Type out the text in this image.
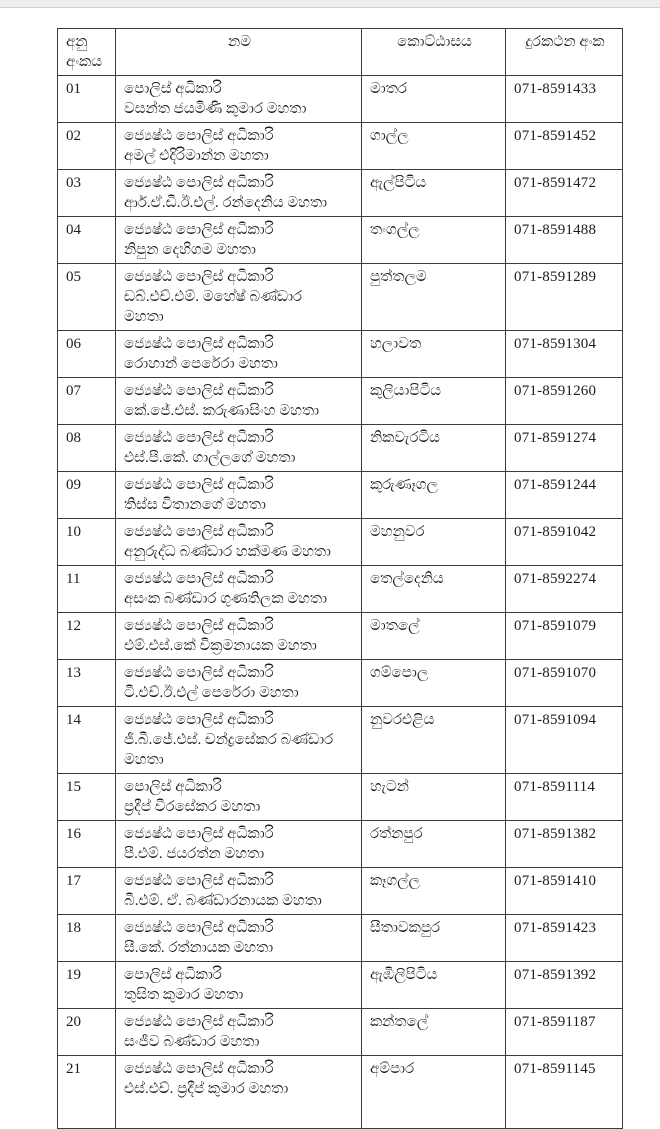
අනු
අංකය	නම	කොට්ඨාසය	දුරකථන අංක
01	පොලිස් අධිකාරි
වසන්ත ජයමිණි කුමාර මහතා	මාතර	071-8591433
02	ජ්‍යෙෂ්ඨ පොලිස් අධිකාරි
අමල් එදිරිමාන්න මහතා	ගාල්ල	071-8591452
03	ජ්‍යෙෂ්ඨ පොලිස් අධිකාරි
ආර්.ඒ.ඩී.ඊ.එල්. රන්දෙනිය මහතා	ඇල්පිටිය	071-8591472
04	ජ්‍යෙෂ්ඨ පොලිස් අධිකාරි
නිපුන දෙහිගම මහතා	තංගල්ල	071-8591488
05	ජ්‍යෙෂ්ඨ පොලිස් අධිකාරි
ඩබ්.එච්.එම්. මහේෂ් බණ්ඩාර
මහතා	පුත්තලම	071-8591289
06	ජ්‍යෙෂ්ඨ පොලිස් අධිකාරි
රොහාන් පෙරේරා මහතා	හලාවත	071-8591304
07	ජ්‍යෙෂ්ඨ පොලිස් අධිකාරි
කේ.ජේ.එස්. කරුණාසිංහ මහතා	කුලියාපිටිය	071-8591260
08	ජ්‍යෙෂ්ඨ පොලිස් අධිකාරි
එස්.පී.කේ. ගාල්ලගේ මහතා	නිකවැරටිය	071-8591274
09	ජ්‍යෙෂ්ඨ පොලිස් අධිකාරි
තිස්ස විතානගේ මහතා	කුරුණෑගල	071-8591244
10	ජ්‍යෙෂ්ඨ පොලිස් අධිකාරි
අනුරුද්ධ බණ්ඩාර හක්මණ මහතා	මහනුවර	071-8591042
11	ජ්‍යෙෂ්ඨ පොලිස් අධිකාරි
අසංක බණ්ඩාර ගුණතිලක මහතා	තෙල්දෙනිය	071-8592274
12	ජ්‍යෙෂ්ඨ පොලිස් අධිකාරි
එම්.එස්.කේ වික්‍රමනායක මහතා	මාතලේ	071-8591079
13	ජ්‍යෙෂ්ඨ පොලිස් අධිකාරි
ටී.එච්.ඊ.එල් පෙරේරා මහතා	ගම්පොල	071-8591070
14	ජ්‍යෙෂ්ඨ පොලිස් අධිකාරි
ජී.බී.ජේ.එස්. චන්ද්‍රසේකර බණ්ඩාර
මහතා	නුවරඑළිය	071-8591094
15	පොලිස් අධිකාරි
ප්‍රදීප් වීරසේකර මහතා	හැටන්	071-8591114
16	ජ්‍යෙෂ්ඨ පොලිස් අධිකාරි
පී.එම්. ජයරත්න මහතා	රත්නපුර	071-8591382
17	ජ්‍යෙෂ්ඨ පොලිස් අධිකාරි
බී.එම්. ඒ. බණ්ඩාරනායක මහතා	කෑගල්ල	071-8591410
18	ජ්‍යෙෂ්ඨ පොලිස් අධිකාරි
සී.කේ. රත්නායක මහතා	සීතාවකපුර	071-8591423
19	පොලිස් අධිකාරි
තුසිත කුමාර මහතා	ඇඹිලිපිටිය	071-8591392
20	ජ්‍යෙෂ්ඨ පොලිස් අධිකාරි
සංජීව බණ්ඩාර මහතා	කන්තලේ	071-8591187
21	ජ්‍යෙෂ්ඨ පොලිස් අධිකාරි
එස්.එච්. ප්‍රදීප් කුමාර මහතා	අම්පාර	071-8591145
